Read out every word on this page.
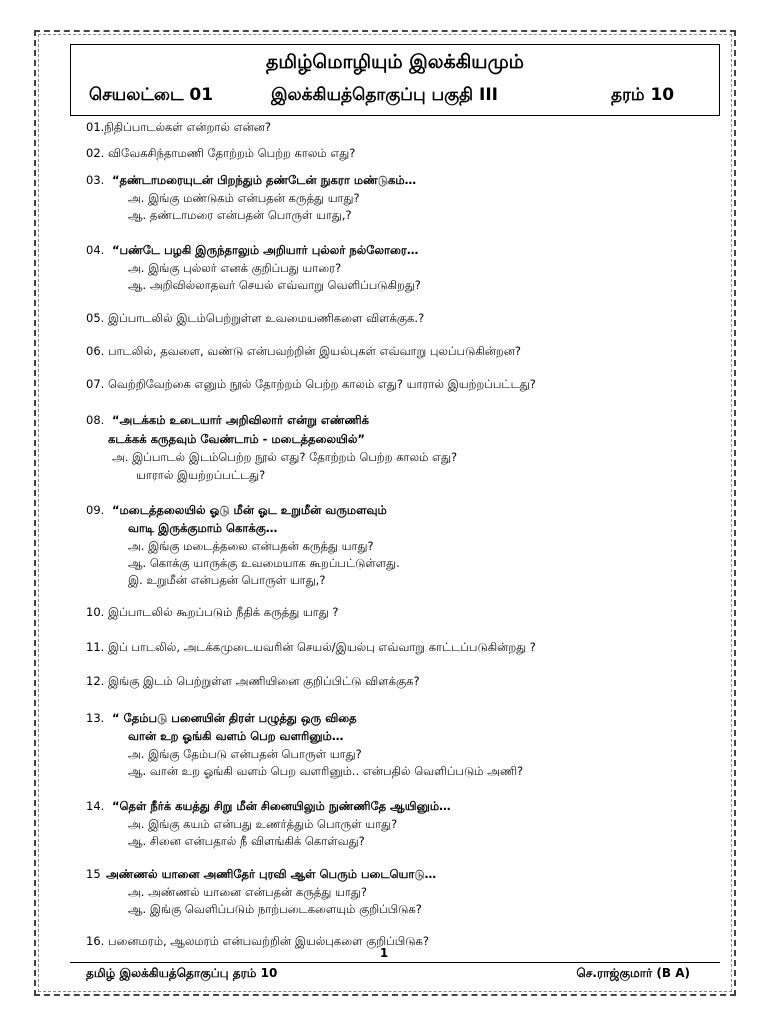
தமிழ்மொழியும் இலக்கியமும்
செயலட்டை 01	இலக்கியத்தொகுப்பு பகுதி III	தரம் 10
01.நிதிப்பாடல்கள் என்றால் என்ன?
02. விவேகசிந்தாமணி தோற்றம் பெற்ற காலம் எது?
03. “தண்டாமரையுடன் பிறந்தும் தண்டேன் நுகரா மண்டுகம்…
அ. இங்கு மண்டுகம் என்பதன் கருத்து யாது?
ஆ. தண்டாமரை என்பதன் பொருள் யாது,?
04. “பண்டே பழகி இருந்தாலும் அறியார் புல்லர் நல்லோரை…
அ. இங்கு புல்லர் எனக் குறிப்பது யாரை?
ஆ. அறிவில்லாதவர் செயல் எவ்வாறு வெளிப்படுகிறது?
05. இப்பாடலில் இடம்பெற்றுள்ள உவமையணிகளை விளக்குக.?
06. பாடலில், தவளை, வண்டு என்பவற்றின் இயல்புகள் எவ்வாறு புலப்படுகின்றன?
07. வெற்றிவேற்கை எனும் நூல் தோற்றம் பெற்ற காலம் எது? யாரால் இயற்றப்பட்டது?
08. “அடக்கம் உடையார் அறிவிலார் என்று எண்ணிக்
கடக்கக் கருதவும் வேண்டாம் - மடைத்தலையில்”
அ. இப்பாடல் இடம்பெற்ற நூல் எது? தோற்றம் பெற்ற காலம் எது?
யாரால் இயற்றப்பட்டது?
09. “மடைத்தலையில் ஓடு மீன் ஓட உறுமீன் வருமளவும்
வாடி இருக்குமாம் கொக்கு…
அ. இங்கு மடைத்தலை என்பதன் கருத்து யாது?
ஆ. கொக்கு யாருக்கு உவமையாக கூறப்பட்டுள்ளது.
இ. உறுமீன் என்பதன் பொருள் யாது,?
10. இப்பாடலில் கூறப்படும் நீதிக் கருத்து யாது ?
11. இப் பாடலில், அடக்கமுடையவரின் செயல்/இயல்பு எவ்வாறு காட்டப்படுகின்றது ?
12. இங்கு இடம் பெற்றுள்ள அணியினை குறிப்பிட்டு விளக்குக?
13. “ தேம்படு பனையின் திரள் பழுத்து ஒரு விதை
வான் உற ஓங்கி வளம் பெற வளரினும்…
அ. இங்கு தேம்படு என்பதன் பொருள் யாது?
ஆ. வான் உற ஓங்கி வளம் பெற வளரினும்.. என்பதில் வெளிப்படும் அணி?
14. “தெள் நீர்க் கயத்து சிறு மீன் சினையிலும் நுண்ணிதே ஆயினும்…
அ. இங்கு கயம் என்பது உணர்த்தும் பொருள் யாது?
ஆ. சினை என்பதால் நீ விளங்கிக் கொள்வது?
15 அண்ணல் யானை அணிதேர் புரவி ஆள் பெரும் படையொடு…
அ. அண்ணல் யானை என்பதன் கருத்து யாது?
ஆ. இங்கு வெளிப்படும் நாற்படைகளையும் குறிப்பிடுக?
16. பனைமரம், ஆலமரம் என்பவற்றின் இயல்புகளை குறிப்பிடுக?
1
தமிழ் இலக்கியத்தொகுப்பு தரம் 10	செ.ராஜ்குமார் (B A)
